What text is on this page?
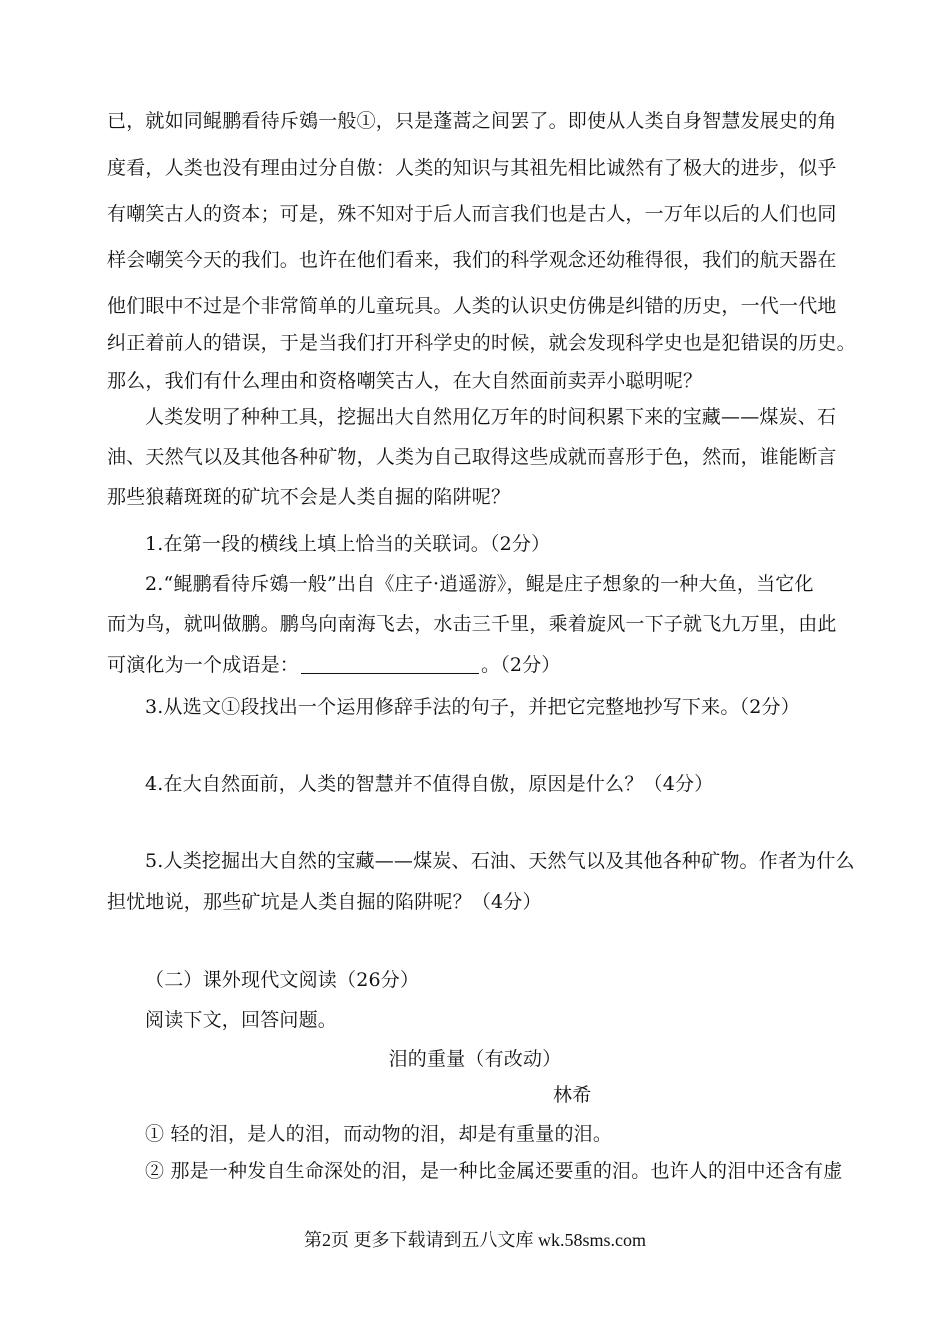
已，就如同鲲鹏看待斥鴳一般①，只是蓬蒿之间罢了。即使从人类自身智慧发展史的角
度看，人类也没有理由过分自傲：人类的知识与其祖先相比诚然有了极大的进步，似乎
有嘲笑古人的资本；可是，殊不知对于后人而言我们也是古人，一万年以后的人们也同
样会嘲笑今天的我们。也许在他们看来，我们的科学观念还幼稚得很，我们的航天器在
他们眼中不过是个非常简单的儿童玩具。人类的认识史仿佛是纠错的历史，一代一代地
纠正着前人的错误，于是当我们打开科学史的时候，就会发现科学史也是犯错误的历史。
那么，我们有什么理由和资格嘲笑古人，在大自然面前卖弄小聪明呢？
人类发明了种种工具，挖掘出大自然用亿万年的时间积累下来的宝藏——煤炭、石
油、天然气以及其他各种矿物，人类为自己取得这些成就而喜形于色，然而，谁能断言
那些狼藉斑斑的矿坑不会是人类自掘的陷阱呢？
1.在第一段的横线上填上恰当的关联词。（2分）
2.“鲲鹏看待斥鴳一般”出自《庄子·逍遥游》，鲲是庄子想象的一种大鱼，当它化
而为鸟，就叫做鹏。鹏鸟向南海飞去，水击三千里，乘着旋风一下子就飞九万里，由此
可演化为一个成语是：	。（2分）
3.从选文①段找出一个运用修辞手法的句子，并把它完整地抄写下来。（2分）
4.在大自然面前，人类的智慧并不值得自傲，原因是什么？（4分）
5.人类挖掘出大自然的宝藏——煤炭、石油、天然气以及其他各种矿物。作者为什么
担忧地说，那些矿坑是人类自掘的陷阱呢？（4分）
（二）课外现代文阅读（26分）
阅读下文，回答问题。
泪的重量（有改动）
林希
① 轻的泪，是人的泪，而动物的泪，却是有重量的泪。
② 那是一种发自生命深处的泪，是一种比金属还要重的泪。也许人的泪中还含有虚
第2页 更多下载请到五八文库 wk.58sms.com
